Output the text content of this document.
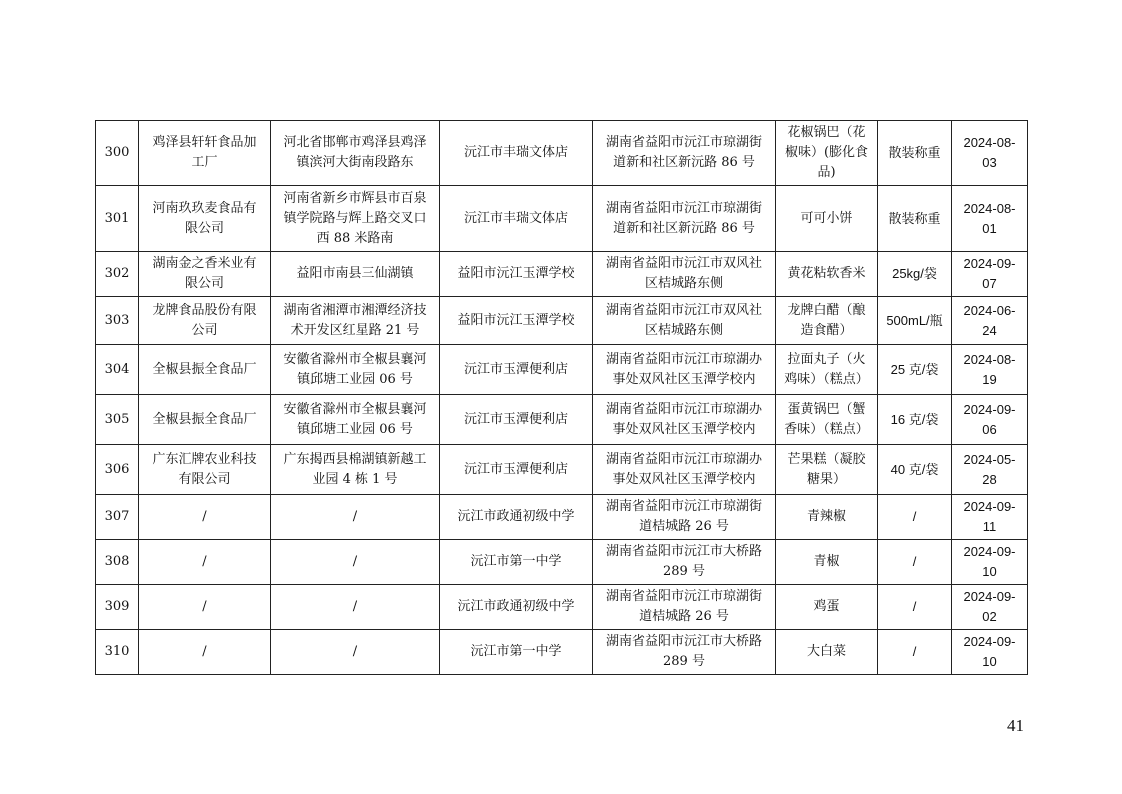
300	鸡泽县轩轩食品加工厂	河北省邯郸市鸡泽县鸡泽镇滨河大街南段路东	沅江市丰瑞文体店	湖南省益阳市沅江市琼湖街道新和社区新沅路 86 号	花椒锅巴（花椒味）(膨化食品)	散装称重	2024-08-03
301	河南玖玖麦食品有限公司	河南省新乡市辉县市百泉镇学院路与辉上路交叉口西 88 米路南	沅江市丰瑞文体店	湖南省益阳市沅江市琼湖街道新和社区新沅路 86 号	可可小饼	散装称重	2024-08-01
302	湖南金之香米业有限公司	益阳市南县三仙湖镇	益阳市沅江玉潭学校	湖南省益阳市沅江市双风社区桔城路东侧	黄花粘软香米	25kg/袋	2024-09-07
303	龙牌食品股份有限公司	湖南省湘潭市湘潭经济技术开发区红星路 21 号	益阳市沅江玉潭学校	湖南省益阳市沅江市双风社区桔城路东侧	龙牌白醋（酿造食醋）	500mL/瓶	2024-06-24
304	全椒县振全食品厂	安徽省滁州市全椒县襄河镇邱塘工业园 06 号	沅江市玉潭便利店	湖南省益阳市沅江市琼湖办事处双风社区玉潭学校内	拉面丸子（火鸡味）（糕点）	25 克/袋	2024-08-19
305	全椒县振全食品厂	安徽省滁州市全椒县襄河镇邱塘工业园 06 号	沅江市玉潭便利店	湖南省益阳市沅江市琼湖办事处双风社区玉潭学校内	蛋黄锅巴（蟹香味）（糕点）	16 克/袋	2024-09-06
306	广东汇牌农业科技有限公司	广东揭西县棉湖镇新越工业园 4 栋 1 号	沅江市玉潭便利店	湖南省益阳市沅江市琼湖办事处双风社区玉潭学校内	芒果糕（凝胶糖果）	40 克/袋	2024-05-28
307	/	/	沅江市政通初级中学	湖南省益阳市沅江市琼湖街道桔城路 26 号	青辣椒	/	2024-09-11
308	/	/	沅江市第一中学	湖南省益阳市沅江市大桥路 289 号	青椒	/	2024-09-10
309	/	/	沅江市政通初级中学	湖南省益阳市沅江市琼湖街道桔城路 26 号	鸡蛋	/	2024-09-02
310	/	/	沅江市第一中学	湖南省益阳市沅江市大桥路 289 号	大白菜	/	2024-09-10
41
